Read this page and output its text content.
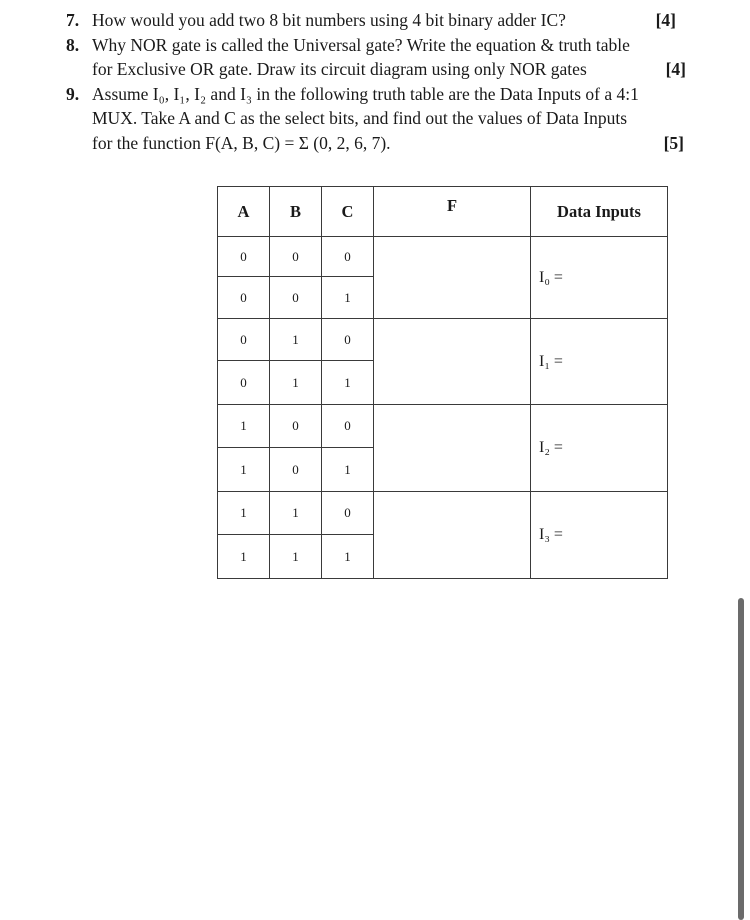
7. How would you add two 8 bit numbers using 4 bit binary adder IC?	[4]
8. Why NOR gate is called the Universal gate? Write the equation & truth table
for Exclusive OR gate. Draw its circuit diagram using only NOR gates	[4]
9. Assume I₀, I₁, I₂ and I₃ in the following truth table are the Data Inputs of a 4:1
MUX. Take A and C as the select bits, and find out the values of Data Inputs
for the function F(A, B, C) = Σ (0, 2, 6, 7).	[5]
A	B	C	F	Data Inputs
0	0	0		I₀ =
0	0	1		
0	1	0		I₁ =
0	1	1		
1	0	0		I₂ =
1	0	1		
1	1	0		I₃ =
1	1	1		
